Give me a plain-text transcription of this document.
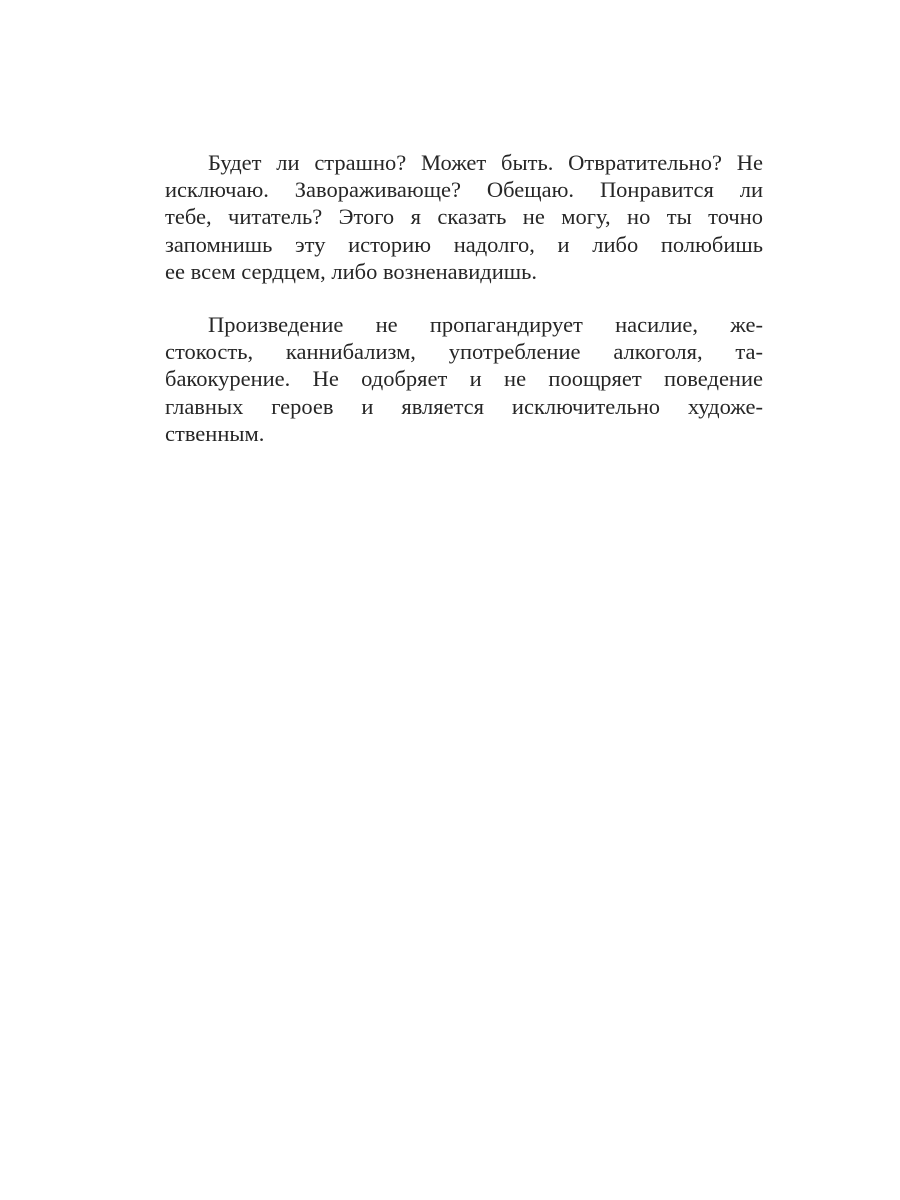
Будет ли страшно? Может быть. Отвратительно? Не
исключаю. Завораживающе? Обещаю. Понравится ли
тебе, читатель? Этого я сказать не могу, но ты точно
запомнишь эту историю надолго, и либо полюбишь
ее всем сердцем, либо возненавидишь.
Произведение не пропагандирует насилие, же-
стокость, каннибализм, употребление алкоголя, та-
бакокурение. Не одобряет и не поощряет поведение
главных героев и является исключительно художе-
ственным.
